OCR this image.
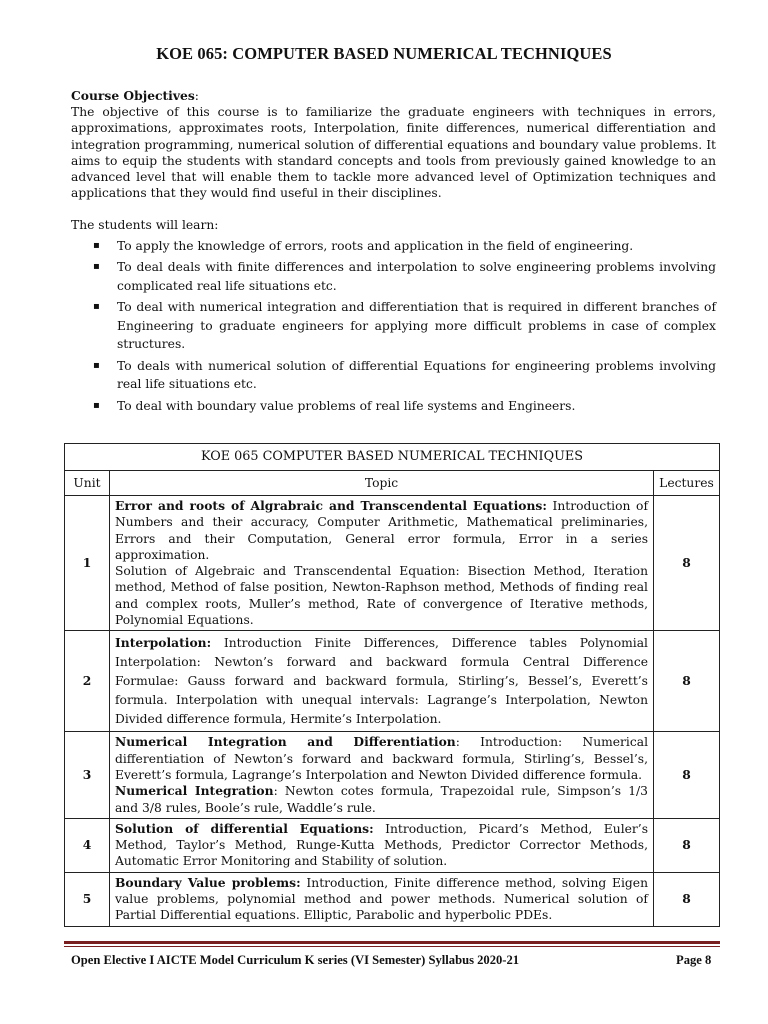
KOE 065: COMPUTER BASED NUMERICAL TECHNIQUES
Course Objectives:

The objective of this course is to familiarize the graduate engineers with techniques in errors, approximations, approximates roots, Interpolation, finite differences, numerical differentiation and integration programming, numerical solution of differential equations and boundary value problems. It aims to equip the students with standard concepts and tools from previously gained knowledge to an advanced level that will enable them to tackle more advanced level of Optimization techniques and applications that they would find useful in their disciplines.

The students will learn:
▪ To apply the knowledge of errors, roots and application in the field of engineering.
▪ To deal deals with finite differences and interpolation to solve engineering problems involving complicated real life situations etc.
▪ To deal with numerical integration and differentiation that is required in different branches of Engineering to graduate engineers for applying more difficult problems in case of complex structures.
▪ To deals with numerical solution of differential Equations for engineering problems involving real life situations etc.
▪ To deal with boundary value problems of real life systems and Engineers.
KOE 065 COMPUTER BASED NUMERICAL TECHNIQUES		
Unit	Topic	Lectures
1	Error and roots of Algrabraic and Transcendental Equations: Introduction of Numbers and their accuracy, Computer Arithmetic, Mathematical preliminaries, Errors and their Computation, General error formula, Error in a series approximation.
Solution of Algebraic and Transcendental Equation: Bisection Method, Iteration method, Method of false position, Newton-Raphson method, Methods of finding real and complex roots, Muller’s method, Rate of convergence of Iterative methods, Polynomial Equations.	8
2	Interpolation: Introduction Finite Differences, Difference tables Polynomial Interpolation: Newton’s forward and backward formula Central Difference Formulae: Gauss forward and backward formula, Stirling’s, Bessel’s, Everett’s formula. Interpolation with unequal intervals: Lagrange’s Interpolation, Newton Divided difference formula, Hermite’s Interpolation.	8
3	Numerical Integration and Differentiation: Introduction: Numerical differentiation of Newton’s forward and backward formula, Stirling’s, Bessel’s, Everett’s formula, Lagrange’s Interpolation and Newton Divided difference formula.
Numerical Integration: Newton cotes formula, Trapezoidal rule, Simpson’s 1/3 and 3/8 rules, Boole’s rule, Waddle’s rule.	8
4	Solution of differential Equations: Introduction, Picard’s Method, Euler’s Method, Taylor’s Method, Runge-Kutta Methods, Predictor Corrector Methods, Automatic Error Monitoring and Stability of solution.	8
5	Boundary Value problems: Introduction, Finite difference method, solving Eigen value problems, polynomial method and power methods. Numerical solution of Partial Differential equations. Elliptic, Parabolic and hyperbolic PDEs.	8
Open Elective I AICTE Model Curriculum K series (VI Semester) Syllabus 2020-21	Page 8
